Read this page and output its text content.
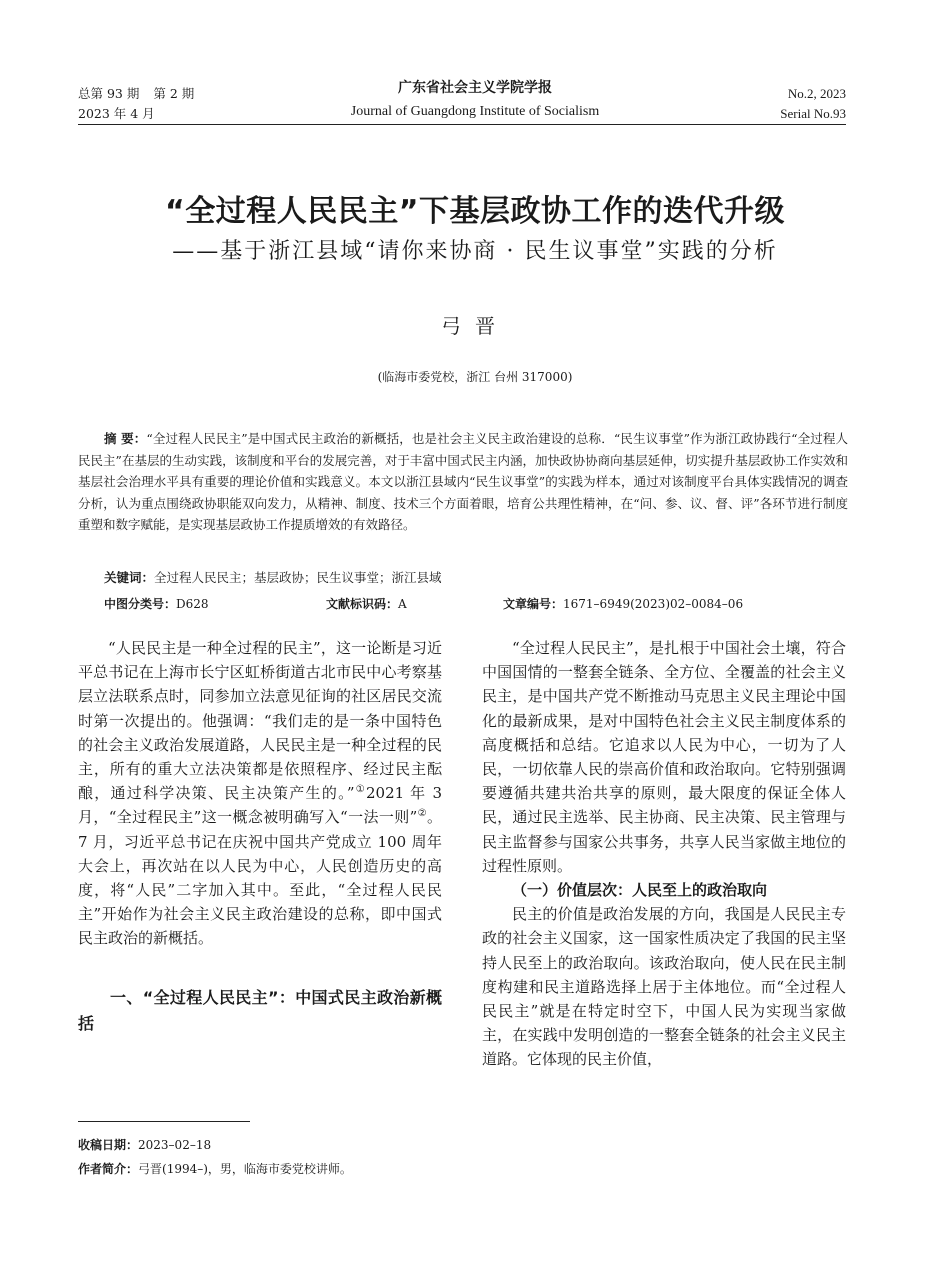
总第 93 期 第 2 期
2023 年 4 月
广东省社会主义学院学报
Journal of Guangdong Institute of Socialism
No.2, 2023
Serial No.93
“全过程人民民主”下基层政协工作的迭代升级
——基于浙江县域“请你来协商 · 民生议事堂”实践的分析
弓晋
(临海市委党校，浙江 台州 317000)
摘 要：“全过程人民民主”是中国式民主政治的新概括，也是社会主义民主政治建设的总称．“民生议事堂”作为浙江政协践行“全过程人民民主”在基层的生动实践，该制度和平台的发展完善，对于丰富中国式民主内涵，加快政协协商向基层延伸，切实提升基层政协工作实效和基层社会治理水平具有重要的理论价值和实践意义。本文以浙江县域内“民生议事堂”的实践为样本，通过对该制度平台具体实践情况的调查分析，认为重点围绕政协职能双向发力，从精神、制度、技术三个方面着眼，培育公共理性精神，在“问、参、议、督、评”各环节进行制度重塑和数字赋能，是实现基层政协工作提质增效的有效路径。
关键词：全过程人民民主；基层政协；民生议事堂；浙江县域
中图分类号：D628	文献标识码：A	文章编号：1671–6949(2023)02–0084–06

“人民民主是一种全过程的民主”，这一论断是习近平总书记在上海市长宁区虹桥街道古北市民中心考察基层立法联系点时，同参加立法意见征询的社区居民交流时第一次提出的。他强调：“我们走的是一条中国特色的社会主义政治发展道路，人民民主是一种全过程的民主，所有的重大立法决策都是依照程序、经过民主酝酿，通过科学决策、民主决策产生的。”①2021 年 3 月，“全过程民主”这一概念被明确写入“一法一则”②。7 月，习近平总书记在庆祝中国共产党成立 100 周年大会上，再次站在以人民为中心，人民创造历史的高度，将“人民”二字加入其中。至此，“全过程人民民主”开始作为社会主义民主政治建设的总称，即中国式民主政治的新概括。

一、“全过程人民民主”：中国式民主政治新概括

“全过程人民民主”，是扎根于中国社会土壤，符合中国国情的一整套全链条、全方位、全覆盖的社会主义民主，是中国共产党不断推动马克思主义民主理论中国化的最新成果，是对中国特色社会主义民主制度体系的高度概括和总结。它追求以人民为中心，一切为了人民，一切依靠人民的崇高价值和政治取向。它特别强调要遵循共建共治共享的原则，最大限度的保证全体人民，通过民主选举、民主协商、民主决策、民主管理与民主监督参与国家公共事务，共享人民当家做主地位的过程性原则。

（一）价值层次：人民至上的政治取向

民主的价值是政治发展的方向，我国是人民民主专政的社会主义国家，这一国家性质决定了我国的民主坚持人民至上的政治取向。该政治取向，使人民在民主制度构建和民主道路选择上居于主体地位。而“全过程人民民主”就是在特定时空下，中国人民为实现当家做主，在实践中发明创造的一整套全链条的社会主义民主道路。它体现的民主价值，

收稿日期：2023–02–18
作者简介：弓晋(1994–)，男，临海市委党校讲师。
